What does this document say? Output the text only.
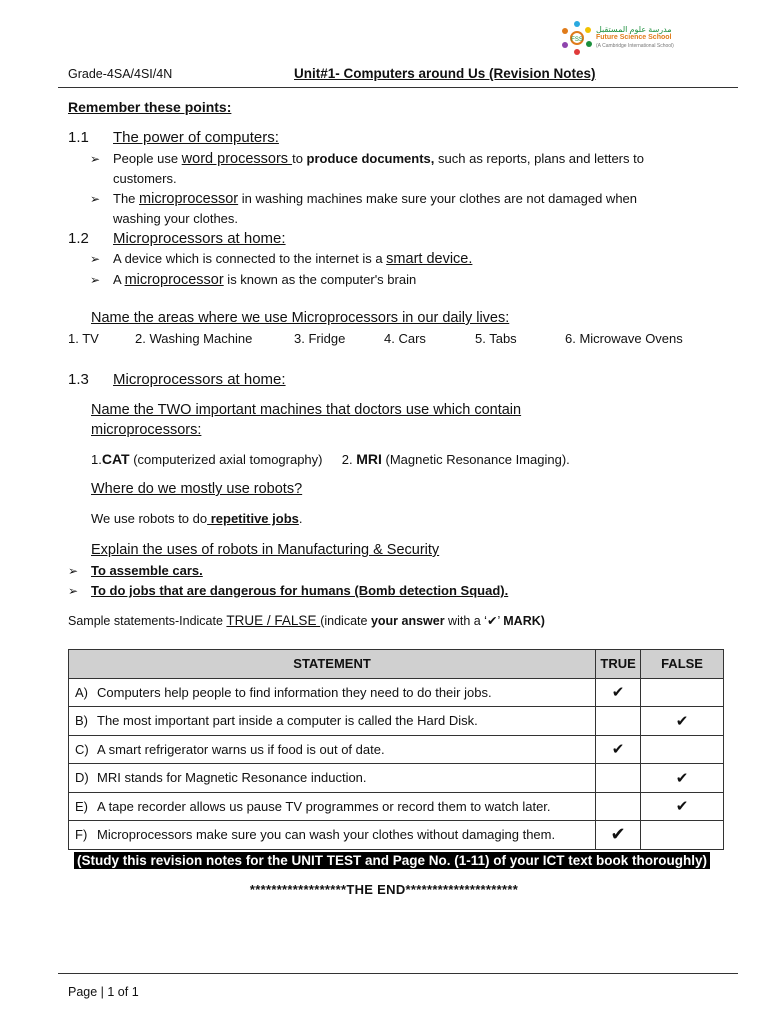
FSS
مدرسة علوم المستقبل
Future Science School
(A Cambridge International School)
Grade-4SA/4SI/4N	Unit#1- Computers around Us (Revision Notes)
Remember these points:
1.1 The power of computers:
➢ People use word processors to produce documents, such as reports, plans and letters to
customers.
➢ The microprocessor in washing machines make sure your clothes are not damaged when
washing your clothes.
1.2 Microprocessors at home:
➢ A device which is connected to the internet is a smart device.
➢ A microprocessor is known as the computer's brain
Name the areas where we use Microprocessors in our daily lives:
1. TV	2. Washing Machine	3. Fridge	4. Cars	5. Tabs	6. Microwave Ovens
1.3 Microprocessors at home:
Name the TWO important machines that doctors use which contain
microprocessors:
1.CAT (computerized axial tomography) 2. MRI (Magnetic Resonance Imaging).
Where do we mostly use robots?
We use robots to do repetitive jobs.
Explain the uses of robots in Manufacturing & Security
➢ To assemble cars.
➢ To do jobs that are dangerous for humans (Bomb detection Squad).
Sample statements-Indicate TRUE / FALSE (indicate your answer with a ‘✔’ MARK)
STATEMENT	TRUE	FALSE
A) Computers help people to find information they need to do their jobs.	✔	
B) The most important part inside a computer is called the Hard Disk.		✔
C) A smart refrigerator warns us if food is out of date.	✔	
D) MRI stands for Magnetic Resonance induction.		✔
E) A tape recorder allows us pause TV programmes or record them to watch later.		✔
F) Microprocessors make sure you can wash your clothes without damaging them.	✔	
(Study this revision notes for the UNIT TEST and Page No. (1-11) of your ICT text book thoroughly)
******************THE END*********************
Page | 1 of 1
